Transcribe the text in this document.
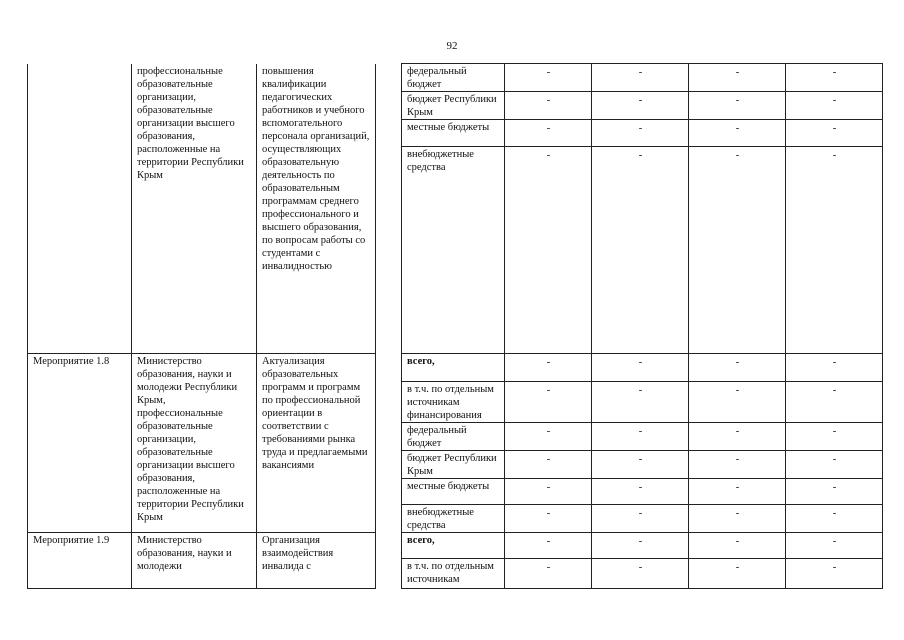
92
	профессиональные образовательные организации, образовательные организации высшего образования, расположенные на территории Республики Крым	повышения квалификации педагогических работников и учебного вспомогательного персонала организаций, осуществляющих образовательную деятельность по образовательным программам среднего профессионального и высшего образования, по вопросам работы со студентами с инвалидностью		федеральный бюджет	-	-	-	-
				бюджет Республики Крым	-	-	-	-
				местные бюджеты	-	-	-	-
				внебюджетные средства	-	-	-	-
Мероприятие 1.8	Министерство образования, науки и молодежи Республики Крым, профессиональные образовательные организации, образовательные организации высшего образования, расположенные на территории Республики Крым	Актуализация образовательных программ и программ по профессиональной ориентации в соответствии с требованиями рынка труда и предлагаемыми вакансиями		всего,	-	-	-	-
				в т.ч. по отдельным источникам финансирования	-	-	-	-
				федеральный бюджет	-	-	-	-
				бюджет Республики Крым	-	-	-	-
				местные бюджеты	-	-	-	-
				внебюджетные средства	-	-	-	-
Мероприятие 1.9	Министерство образования, науки и молодежи	Организация взаимодействия инвалида с		всего,	-	-	-	-
				в т.ч. по отдельным источникам	-	-	-	-
